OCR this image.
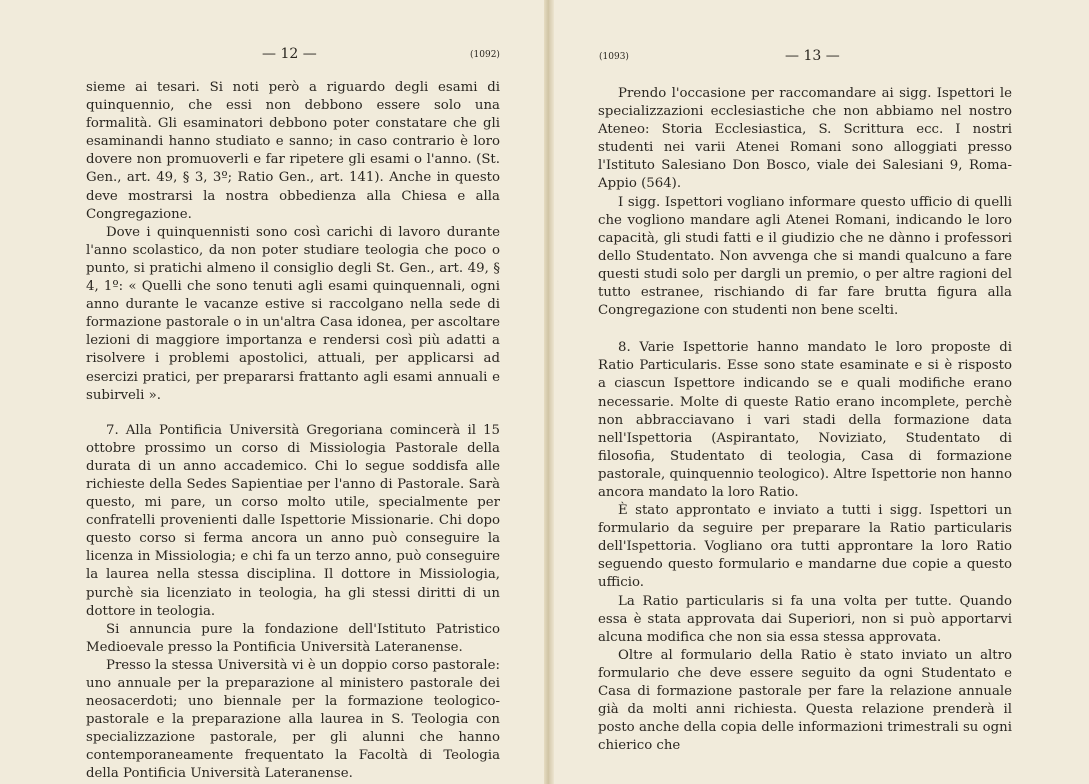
— 12 —	(1092)	(1093)	— 13 —

sieme ai tesari. Si noti però a riguardo degli esami di quinquennio, che essi non debbono essere solo una formalità. Gli esaminatori debbono poter constatare che gli esaminandi hanno studiato e sanno; in caso contrario è loro dovere non promuoverli e far ripetere gli esami o l'anno. (St. Gen., art. 49, § 3, 3º; Ratio Gen., art. 141). Anche in questo deve mostrarsi la nostra obbedienza alla Chiesa e alla Congregazione.

Dove i quinquennisti sono così carichi di lavoro durante l'anno scolastico, da non poter studiare teologia che poco o punto, si pratichi almeno il consiglio degli St. Gen., art. 49, § 4, 1º: « Quelli che sono tenuti agli esami quinquennali, ogni anno durante le vacanze estive si raccolgano nella sede di formazione pastorale o in un'altra Casa idonea, per ascoltare lezioni di maggiore importanza e rendersi così più adatti a risolvere i problemi apostolici, attuali, per applicarsi ad esercizi pratici, per prepararsi frattanto agli esami annuali e subirveli ».

7. Alla Pontificia Università Gregoriana comincerà il 15 ottobre prossimo un corso di Missiologia Pastorale della durata di un anno accademico. Chi lo segue soddisfa alle richieste della Sedes Sapientiae per l'anno di Pastorale. Sarà questo, mi pare, un corso molto utile, specialmente per confratelli provenienti dalle Ispettorie Missionarie. Chi dopo questo corso si ferma ancora un anno può conseguire la licenza in Missiologia; e chi fa un terzo anno, può conseguire la laurea nella stessa disciplina. Il dottore in Missiologia, purchè sia licenziato in teologia, ha gli stessi diritti di un dottore in teologia.

Si annuncia pure la fondazione dell'Istituto Patristico Medioevale presso la Pontificia Università Lateranense.

Presso la stessa Università vi è un doppio corso pastorale: uno annuale per la preparazione al ministero pastorale dei neosacerdoti; uno biennale per la formazione teologico-pastorale e la preparazione alla laurea in S. Teologia con specializzazione pastorale, per gli alunni che hanno contemporaneamente frequentato la Facoltà di Teologia della Pontificia Università Lateranense.

Prendo l'occasione per raccomandare ai sigg. Ispettori le specializzazioni ecclesiastiche che non abbiamo nel nostro Ateneo: Storia Ecclesiastica, S. Scrittura ecc. I nostri studenti nei varii Atenei Romani sono alloggiati presso l'Istituto Salesiano Don Bosco, viale dei Salesiani 9, Roma-Appio (564).

I sigg. Ispettori vogliano informare questo ufficio di quelli che vogliono mandare agli Atenei Romani, indicando le loro capacità, gli studi fatti e il giudizio che ne dànno i professori dello Studentato. Non avvenga che si mandi qualcuno a fare questi studi solo per dargli un premio, o per altre ragioni del tutto estranee, rischiando di far fare brutta figura alla Congregazione con studenti non bene scelti.

8. Varie Ispettorie hanno mandato le loro proposte di Ratio Particularis. Esse sono state esaminate e si è risposto a ciascun Ispettore indicando se e quali modifiche erano necessarie. Molte di queste Ratio erano incomplete, perchè non abbracciavano i vari stadi della formazione data nell'Ispettoria (Aspirantato, Noviziato, Studentato di filosofia, Studentato di teologia, Casa di formazione pastorale, quinquennio teologico). Altre Ispettorie non hanno ancora mandato la loro Ratio.

È stato approntato e inviato a tutti i sigg. Ispettori un formulario da seguire per preparare la Ratio particularis dell'Ispettoria. Vogliano ora tutti approntare la loro Ratio seguendo questo formulario e mandarne due copie a questo ufficio.

La Ratio particularis si fa una volta per tutte. Quando essa è stata approvata dai Superiori, non si può apportarvi alcuna modifica che non sia essa stessa approvata.

Oltre al formulario della Ratio è stato inviato un altro formulario che deve essere seguito da ogni Studentato e Casa di formazione pastorale per fare la relazione annuale già da molti anni richiesta. Questa relazione prenderà il posto anche della copia delle informazioni trimestrali su ogni chierico che
